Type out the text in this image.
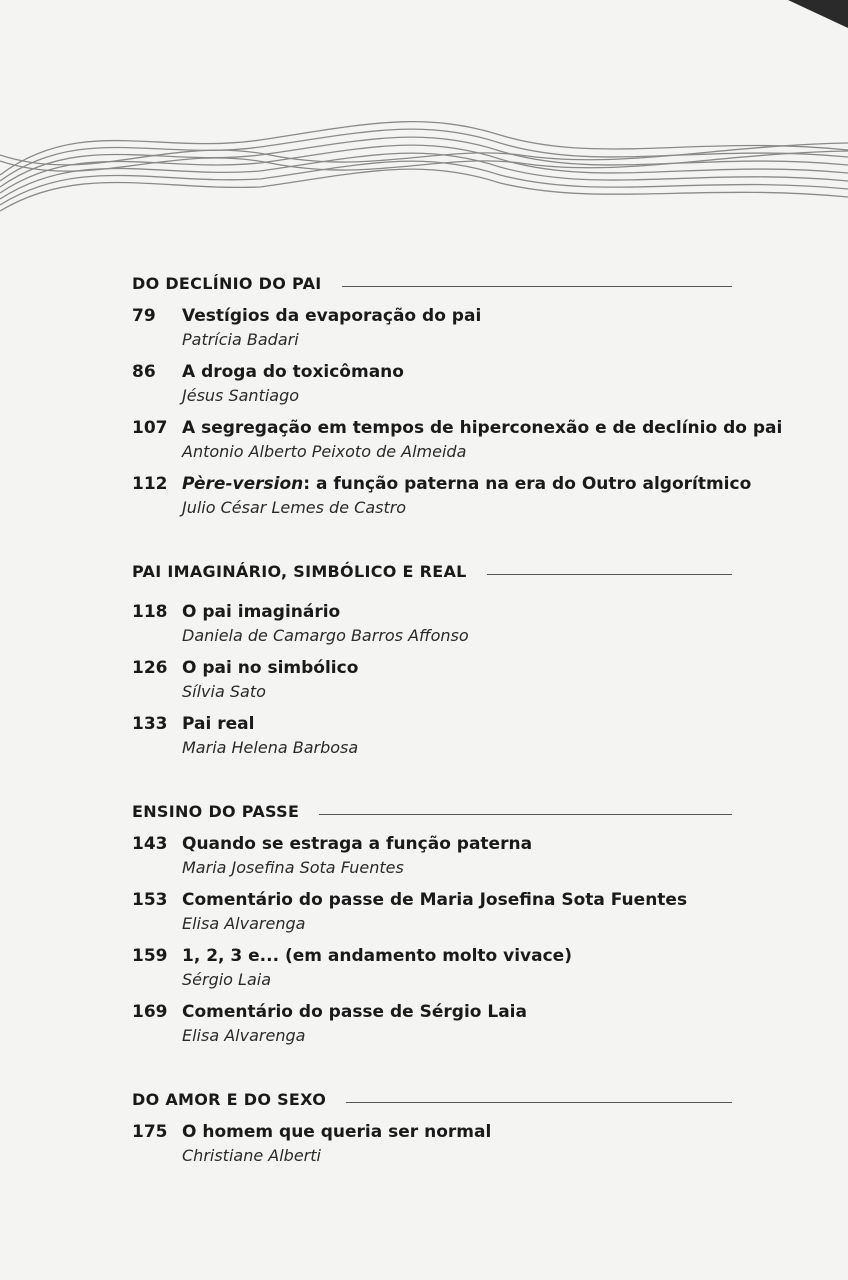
DO DECLÍNIO DO PAI
79	Vestígios da evaporação do pai
Patrícia Badari
86	A droga do toxicômano
Jésus Santiago
107 A segregação em tempos de hiperconexão e de declínio do pai
Antonio Alberto Peixoto de Almeida
112 Père-version: a função paterna na era do Outro algorítmico
Julio César Lemes de Castro
PAI IMAGINÁRIO, SIMBÓLICO E REAL
118 O pai imaginário
Daniela de Camargo Barros Affonso
126 O pai no simbólico
Sílvia Sato
133 Pai real
Maria Helena Barbosa
ENSINO DO PASSE
143 Quando se estraga a função paterna
Maria Josefina Sota Fuentes
153 Comentário do passe de Maria Josefina Sota Fuentes
Elisa Alvarenga
159 1, 2, 3 e... (em andamento molto vivace)
Sérgio Laia
169 Comentário do passe de Sérgio Laia
Elisa Alvarenga
DO AMOR E DO SEXO
175 O homem que queria ser normal
Christiane Alberti
